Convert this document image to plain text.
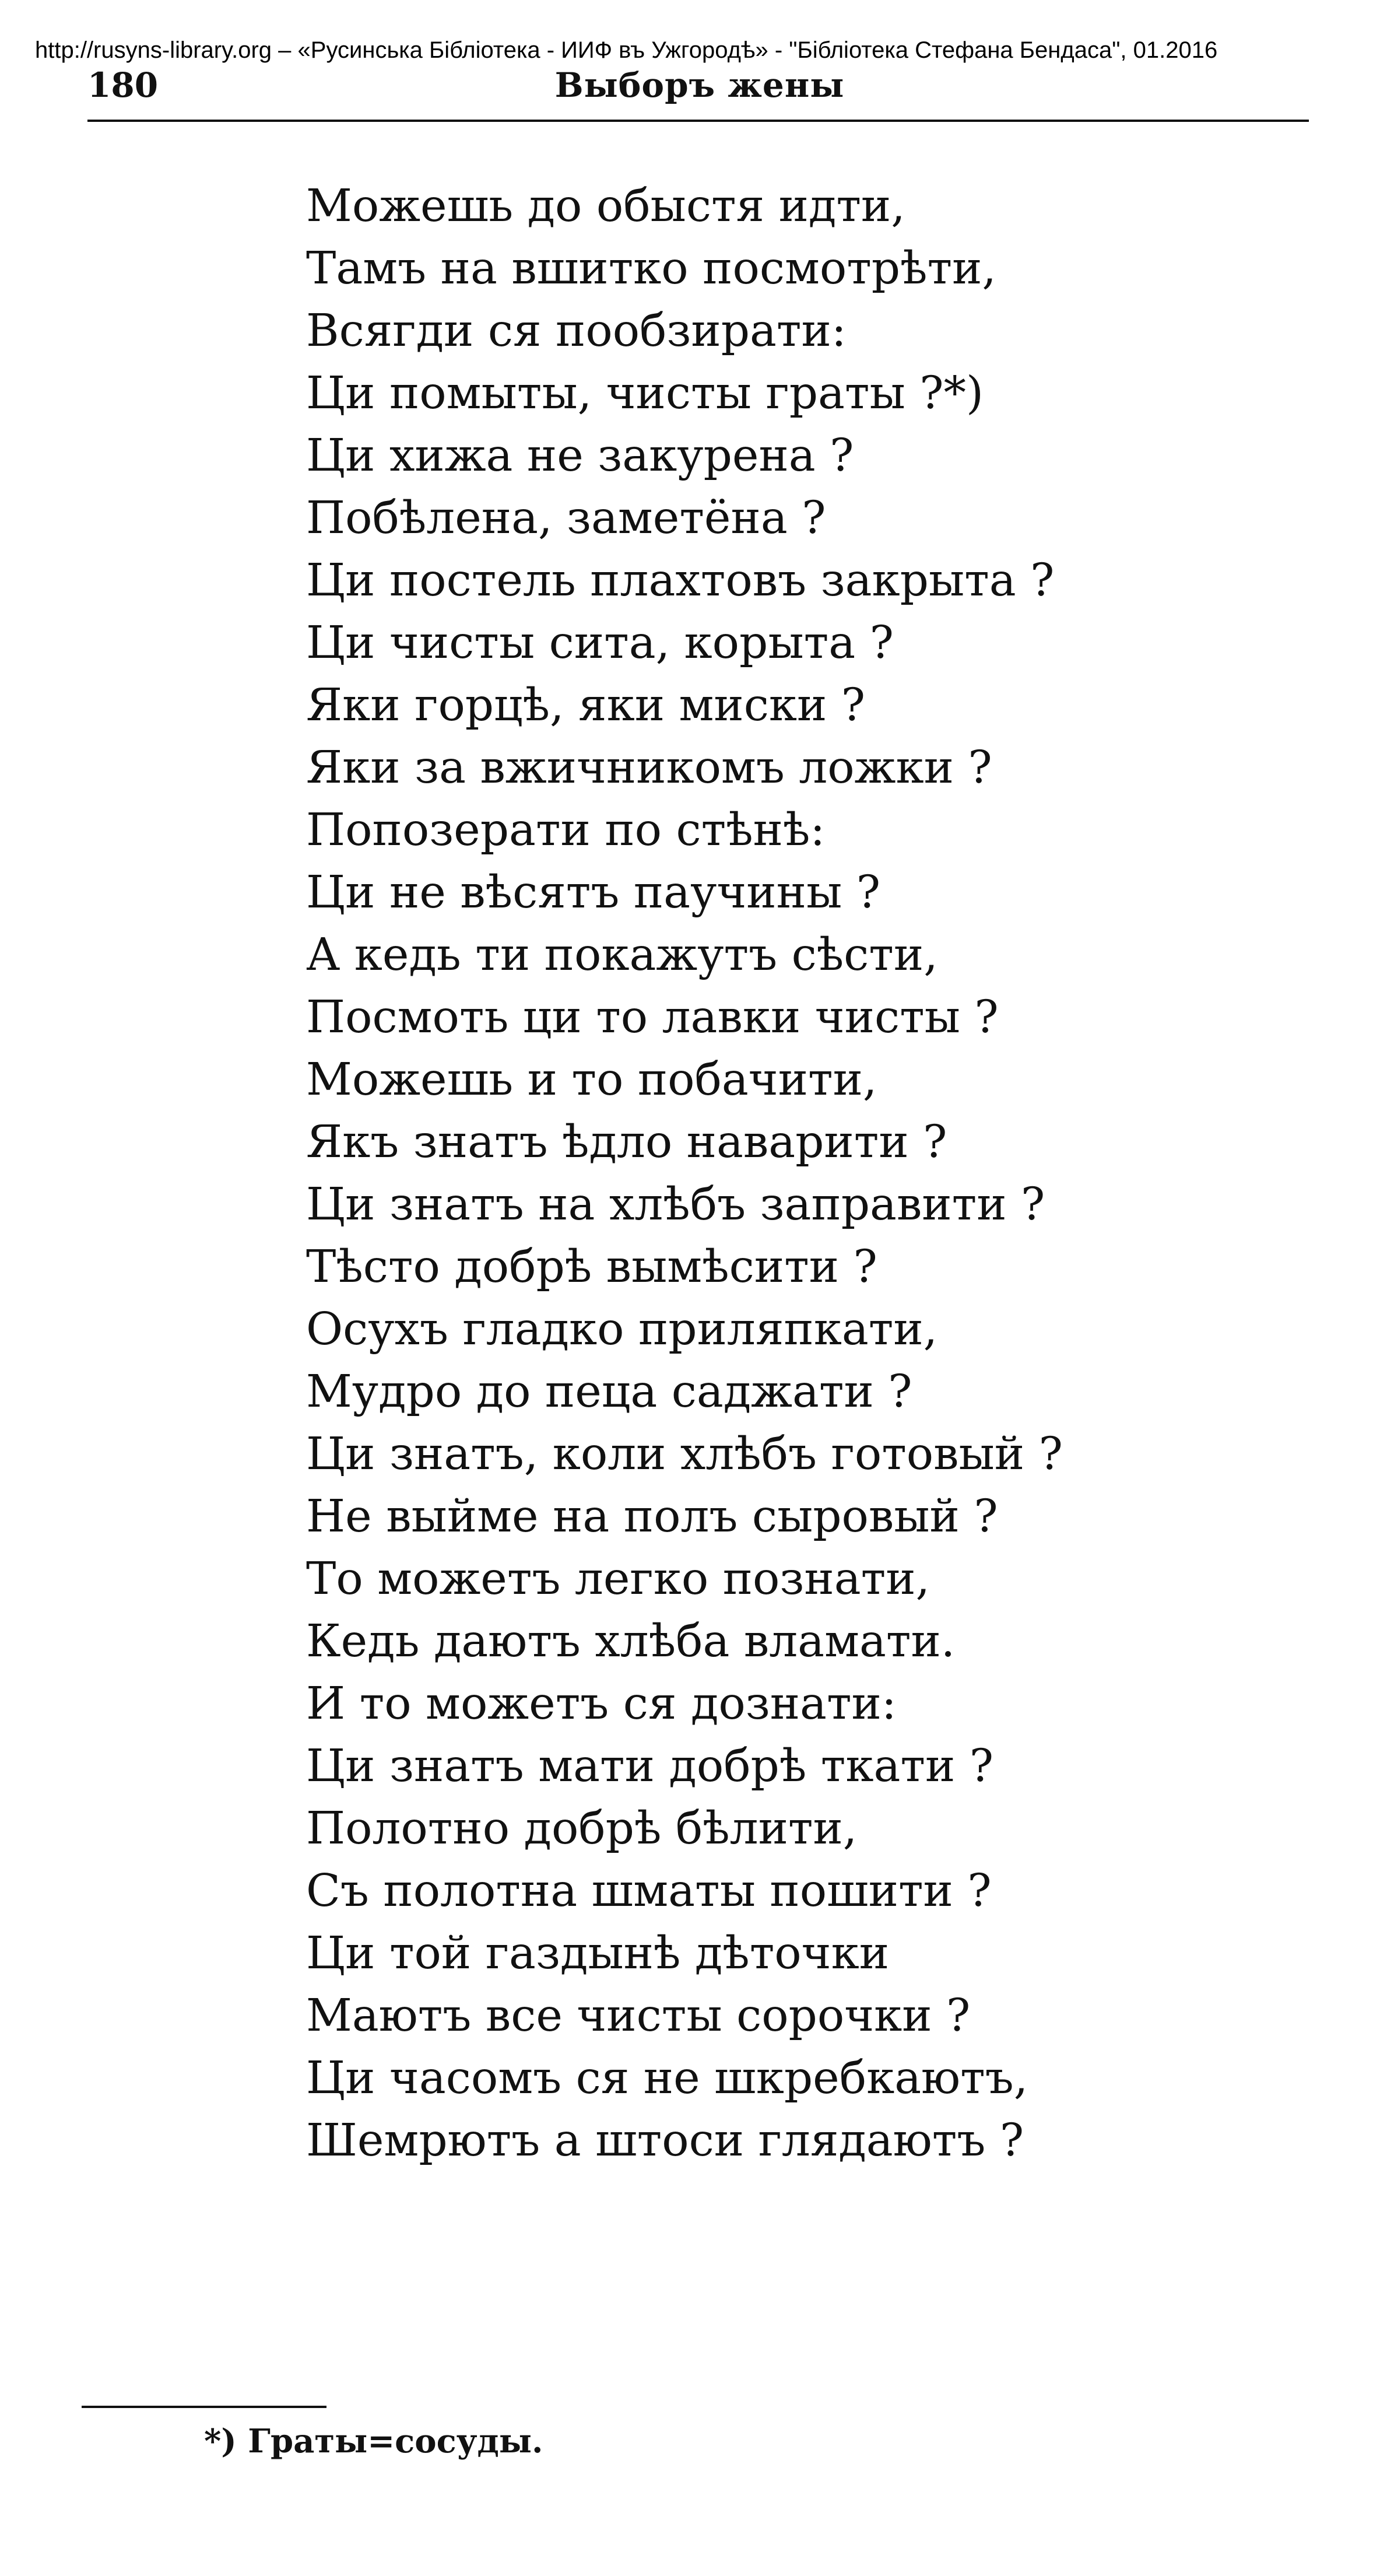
http://rusyns-library.org – «Русинська Бібліотека - ИИФ въ Ужгородѣ» - "Бібліотека Стефана Бендаса", 01.2016
180	Выборъ жены
Можешь до обыстя идти,
Тамъ на вшитко посмотрѣти,
Всягди ся пообзирати:
Ци помыты, чисты граты ?*)
Ци хижа не закурена ?
Побѣлена, заметёна ?
Ци постель плахтовъ закрыта ?
Ци чисты сита, корыта ?
Яки горцѣ, яки миски ?
Яки за вжичникомъ ложки ?
Попозерати по стѣнѣ:
Ци не вѣсятъ паучины ?
А кедь ти покажутъ сѣсти,
Посмоть ци то лавки чисты ?
Можешь и то побачити,
Якъ знатъ ѣдло наварити ?
Ци знатъ на хлѣбъ заправити ?
Тѣсто добрѣ вымѣсити ?
Осухъ гладко приляпкати,
Мудро до пеца саджати ?
Ци знатъ, коли хлѣбъ готовый ?
Не выйме на полъ сыровый ?
То можетъ легко познати,
Кедь даютъ хлѣба вламати.
И то можетъ ся дознати:
Ци знатъ мати добрѣ ткати ?
Полотно добрѣ бѣлити,
Съ полотна шматы пошити ?
Ци той газдынѣ дѣточки
Маютъ все чисты сорочки ?
Ци часомъ ся не шкребкаютъ,
Шемрютъ а штоси глядаютъ ?
*) Граты=сосуды.
